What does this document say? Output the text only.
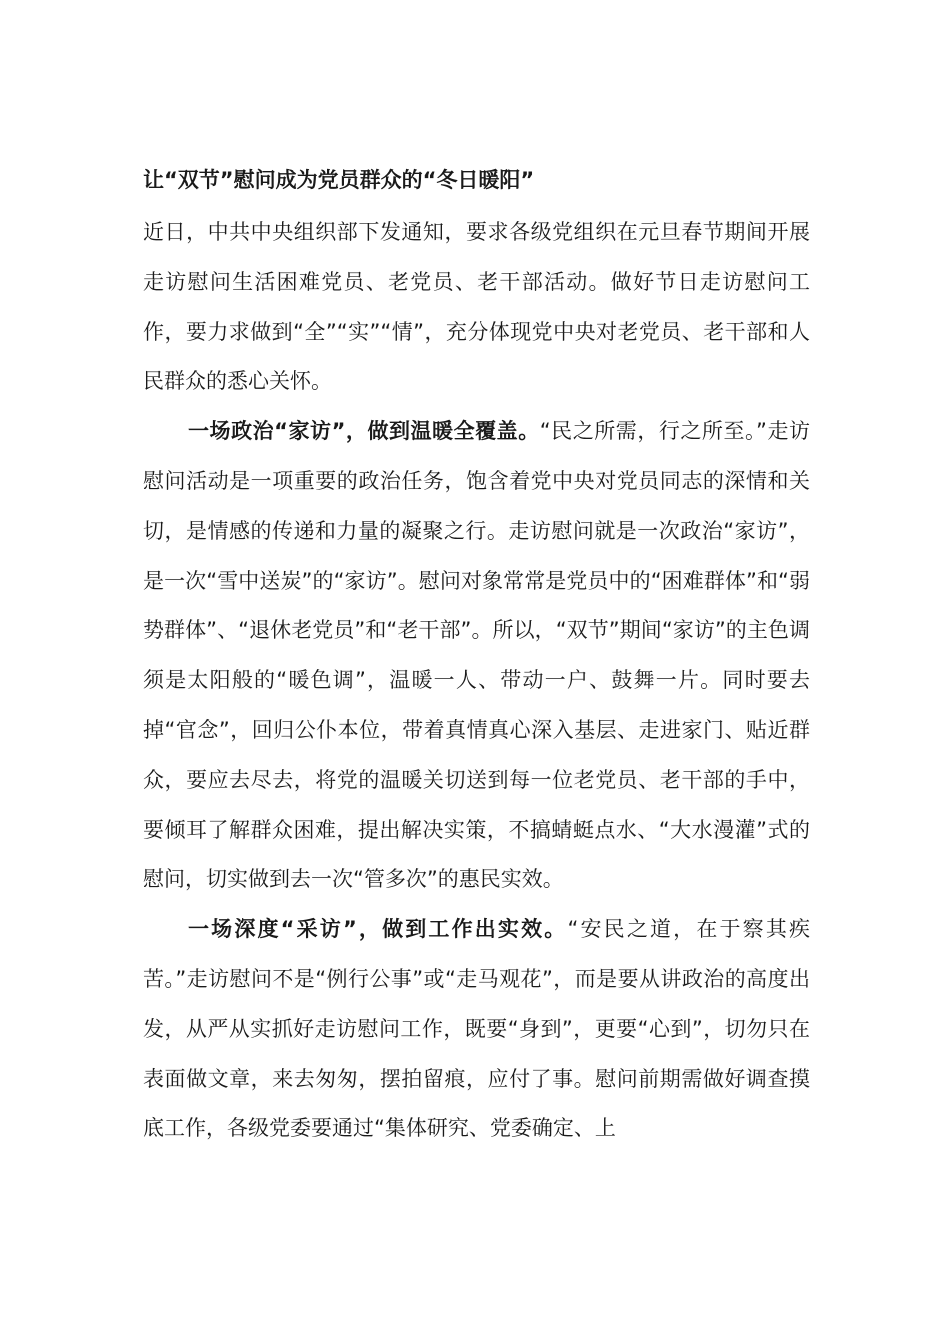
让“双节”慰问成为党员群众的“冬日暖阳”

近日，中共中央组织部下发通知，要求各级党组织在元旦春节期间开展走访慰问生活困难党员、老党员、老干部活动。做好节日走访慰问工作，要力求做到“全”“实”“情”，充分体现党中央对老党员、老干部和人民群众的悉心关怀。

一场政治“家访”，做到温暖全覆盖。“民之所需，行之所至。”走访慰问活动是一项重要的政治任务，饱含着党中央对党员同志的深情和关切，是情感的传递和力量的凝聚之行。走访慰问就是一次政治“家访”，是一次“雪中送炭”的“家访”。慰问对象常常是党员中的“困难群体”和“弱势群体”、“退休老党员”和“老干部”。所以，“双节”期间“家访”的主色调须是太阳般的“暖色调”，温暖一人、带动一户、鼓舞一片。同时要去掉“官念”，回归公仆本位，带着真情真心深入基层、走进家门、贴近群众，要应去尽去，将党的温暖关切送到每一位老党员、老干部的手中，要倾耳了解群众困难，提出解决实策，不搞蜻蜓点水、“大水漫灌”式的慰问，切实做到去一次“管多次”的惠民实效。

一场深度“采访”，做到工作出实效。“安民之道，在于察其疾苦。”走访慰问不是“例行公事”或“走马观花”，而是要从讲政治的高度出发，从严从实抓好走访慰问工作，既要“身到”，更要“心到”，切勿只在表面做文章，来去匆匆，摆拍留痕，应付了事。慰问前期需做好调查摸底工作，各级党委要通过“集体研究、党委确定、上
